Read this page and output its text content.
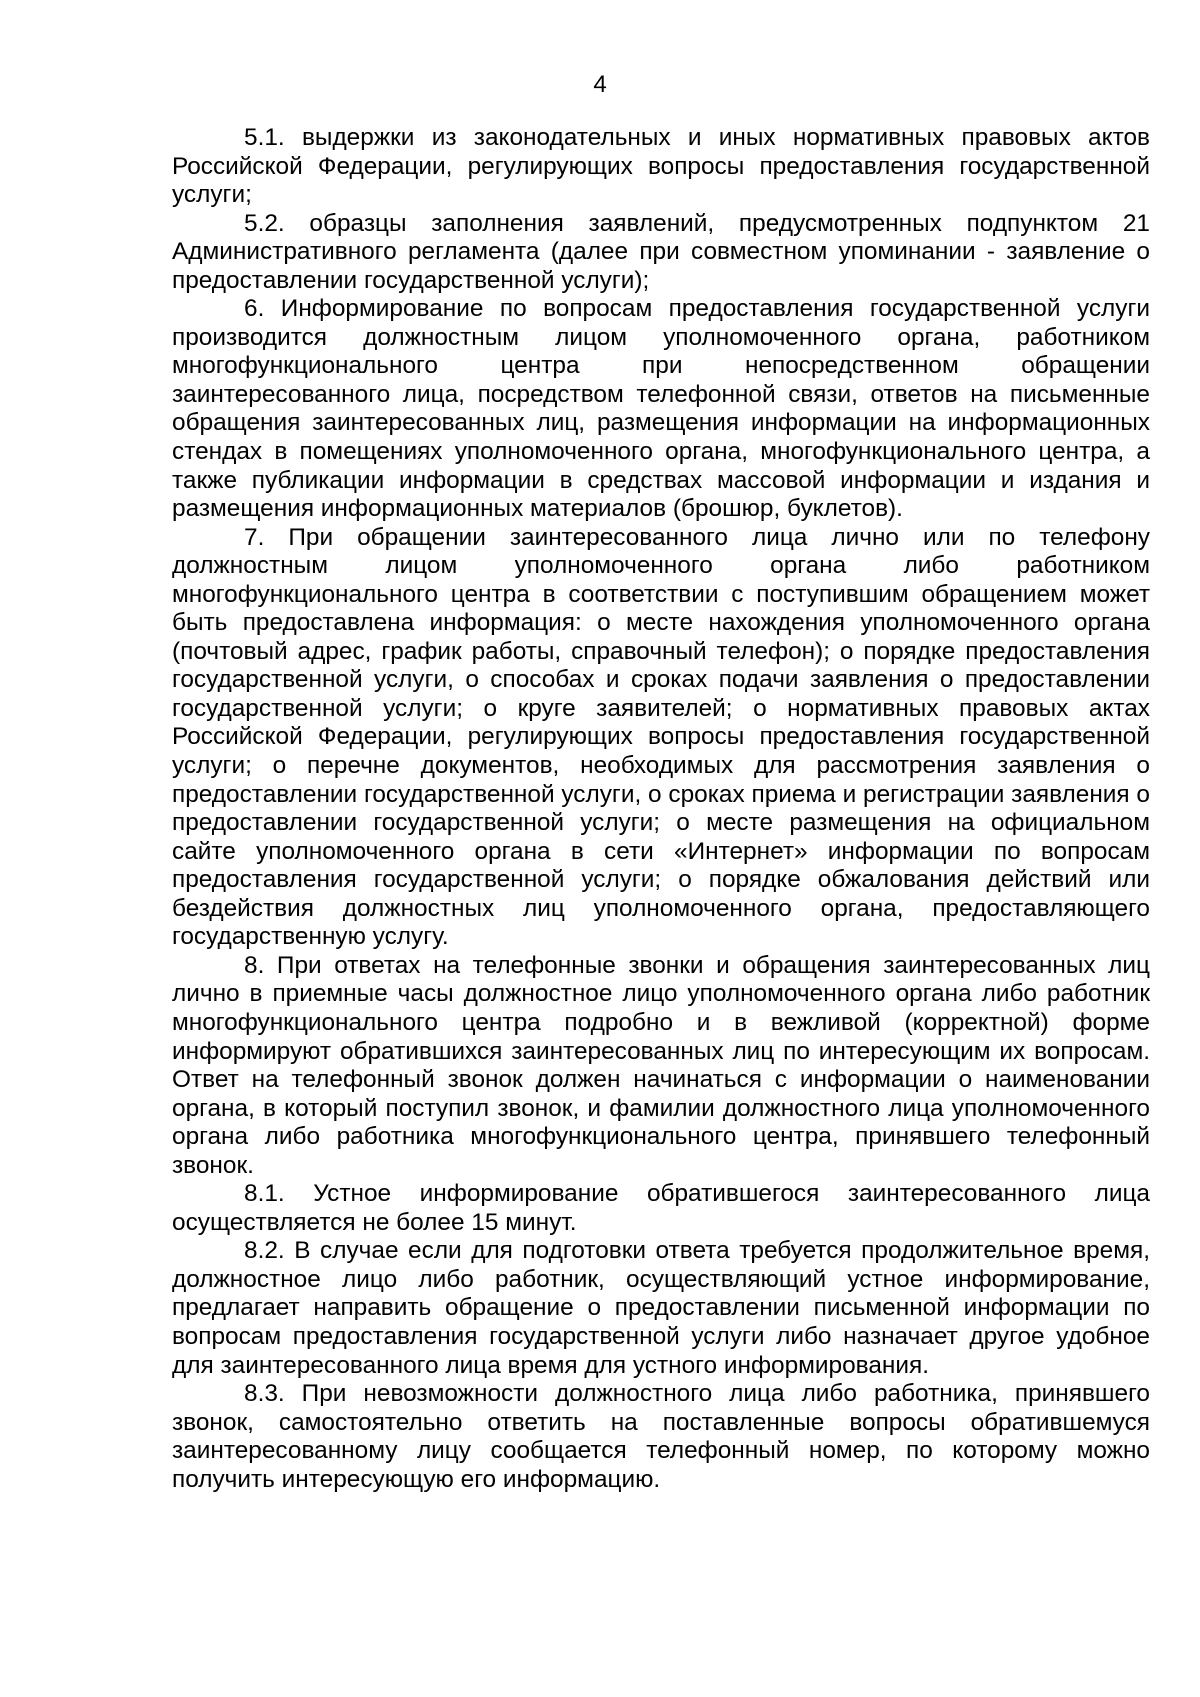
4

5.1. выдержки из законодательных и иных нормативных правовых актов Российской Федерации, регулирующих вопросы предоставления государственной услуги;

5.2. образцы заполнения заявлений, предусмотренных подпунктом 21 Административного регламента (далее при совместном упоминании - заявление о предоставлении государственной услуги);

6. Информирование по вопросам предоставления государственной услуги производится должностным лицом уполномоченного органа, работником многофункционального центра при непосредственном обращении заинтересованного лица, посредством телефонной связи, ответов на письменные обращения заинтересованных лиц, размещения информации на информационных стендах в помещениях уполномоченного органа, многофункционального центра, а также публикации информации в средствах массовой информации и издания и размещения информационных материалов (брошюр, буклетов).

7. При обращении заинтересованного лица лично или по телефону должностным лицом уполномоченного органа либо работником многофункционального центра в соответствии с поступившим обращением может быть предоставлена информация: о месте нахождения уполномоченного органа (почтовый адрес, график работы, справочный телефон); о порядке предоставления государственной услуги, о способах и сроках подачи заявления о предоставлении государственной услуги; о круге заявителей; о нормативных правовых актах Российской Федерации, регулирующих вопросы предоставления государственной услуги; о перечне документов, необходимых для рассмотрения заявления о предоставлении государственной услуги, о сроках приема и регистрации заявления о предоставлении государственной услуги; о месте размещения на официальном сайте уполномоченного органа в сети «Интернет» информации по вопросам предоставления государственной услуги; о порядке обжалования действий или бездействия должностных лиц уполномоченного органа, предоставляющего государственную услугу.

8. При ответах на телефонные звонки и обращения заинтересованных лиц лично в приемные часы должностное лицо уполномоченного органа либо работник многофункционального центра подробно и в вежливой (корректной) форме информируют обратившихся заинтересованных лиц по интересующим их вопросам. Ответ на телефонный звонок должен начинаться с информации о наименовании органа, в который поступил звонок, и фамилии должностного лица уполномоченного органа либо работника многофункционального центра, принявшего телефонный звонок.

8.1. Устное информирование обратившегося заинтересованного лица осуществляется не более 15 минут.

8.2. В случае если для подготовки ответа требуется продолжительное время, должностное лицо либо работник, осуществляющий устное информирование, предлагает направить обращение о предоставлении письменной информации по вопросам предоставления государственной услуги либо назначает другое удобное для заинтересованного лица время для устного информирования.

8.3. При невозможности должностного лица либо работника, принявшего звонок, самостоятельно ответить на поставленные вопросы обратившемуся заинтересованному лицу сообщается телефонный номер, по которому можно получить интересующую его информацию.
